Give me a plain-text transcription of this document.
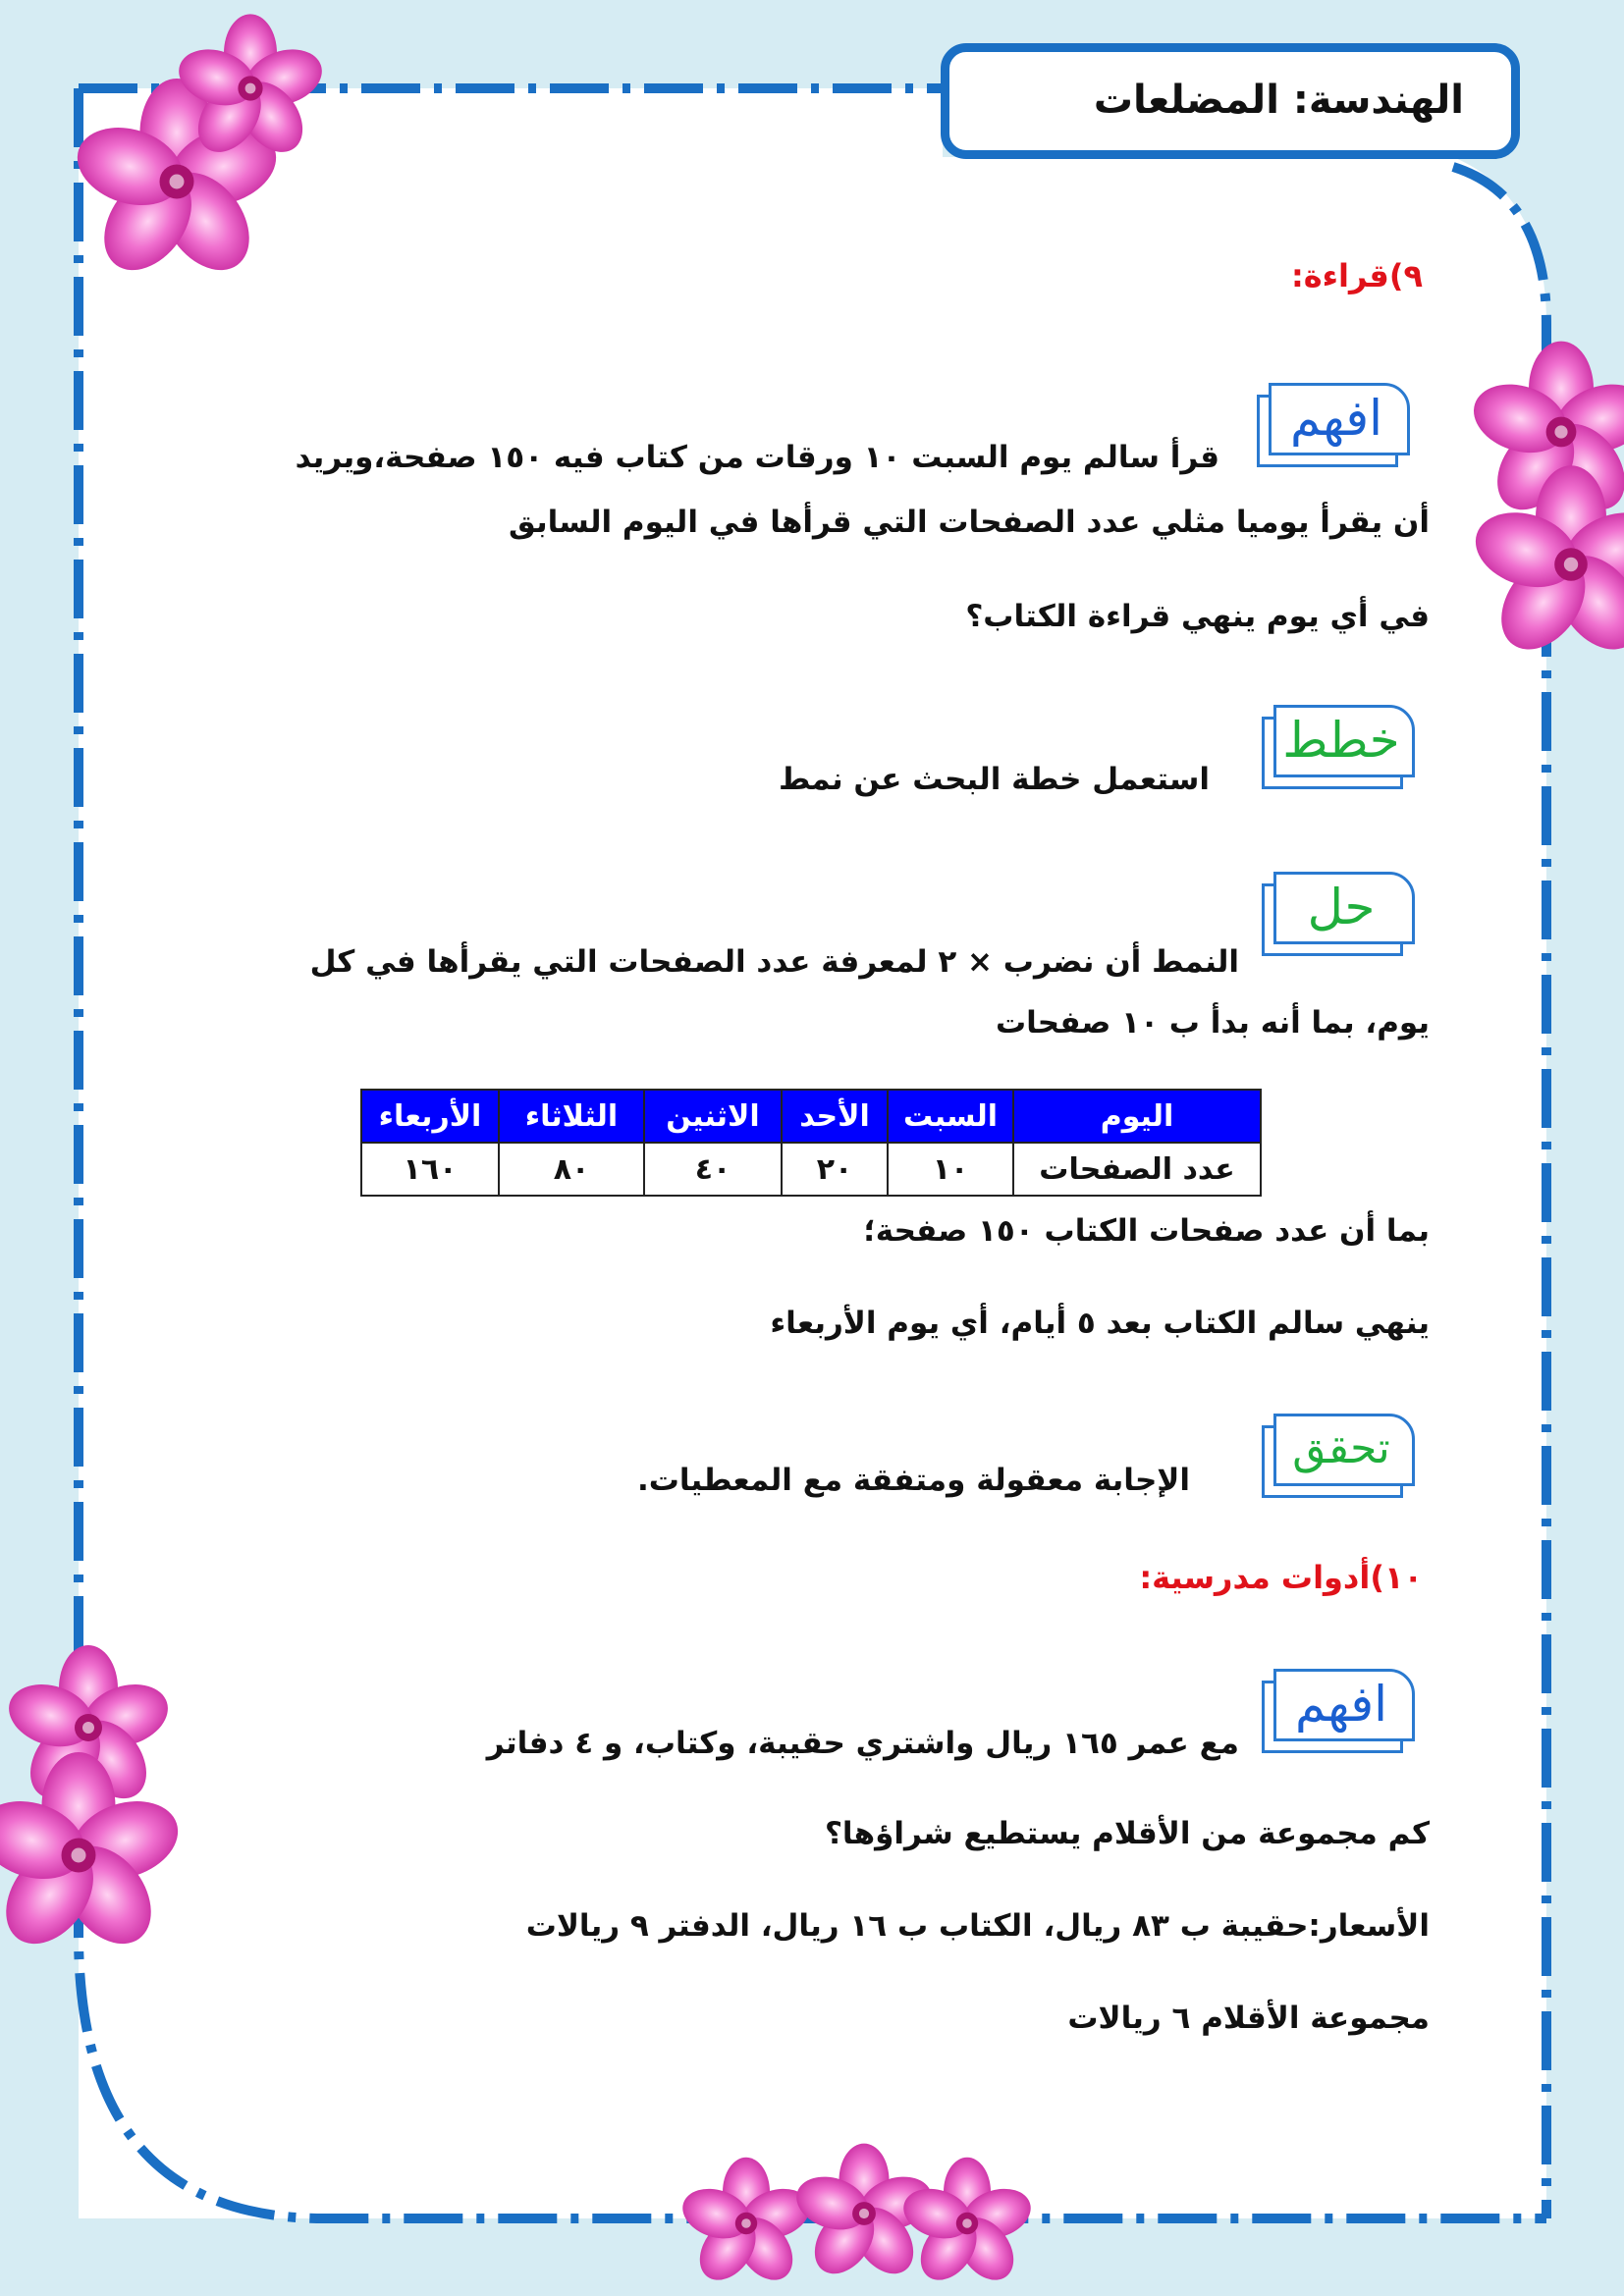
الهندسة: المضلعات
٩)قراءة:
افهم
قرأ سالم يوم السبت ١٠ ورقات من كتاب فيه ١٥٠ صفحة،ويريد
أن يقرأ يوميا مثلي عدد الصفحات التي قرأها في اليوم السابق
في أي يوم ينهي قراءة الكتاب؟
خطط
استعمل خطة البحث عن نمط
حل
النمط أن نضرب × ٢ لمعرفة عدد الصفحات التي يقرأها في كل
يوم، بما أنه بدأ ب ١٠ صفحات
اليوم	السبت	الأحد	الاثنين	الثلاثاء	الأربعاء
عدد الصفحات	١٠	٢٠	٤٠	٨٠	١٦٠
بما أن عدد صفحات الكتاب ١٥٠ صفحة؛
ينهي سالم الكتاب بعد ٥ أيام، أي يوم الأربعاء
تحقق
الإجابة معقولة ومتفقة مع المعطيات.
١٠)أدوات مدرسية:
افهم
مع عمر ١٦٥ ريال واشتري حقيبة، وكتاب، و ٤ دفاتر
كم مجموعة من الأقلام يستطيع شراؤها؟
الأسعار:حقيبة ب ٨٣ ريال، الكتاب ب ١٦ ريال، الدفتر ٩ ريالات
مجموعة الأقلام ٦ ريالات
